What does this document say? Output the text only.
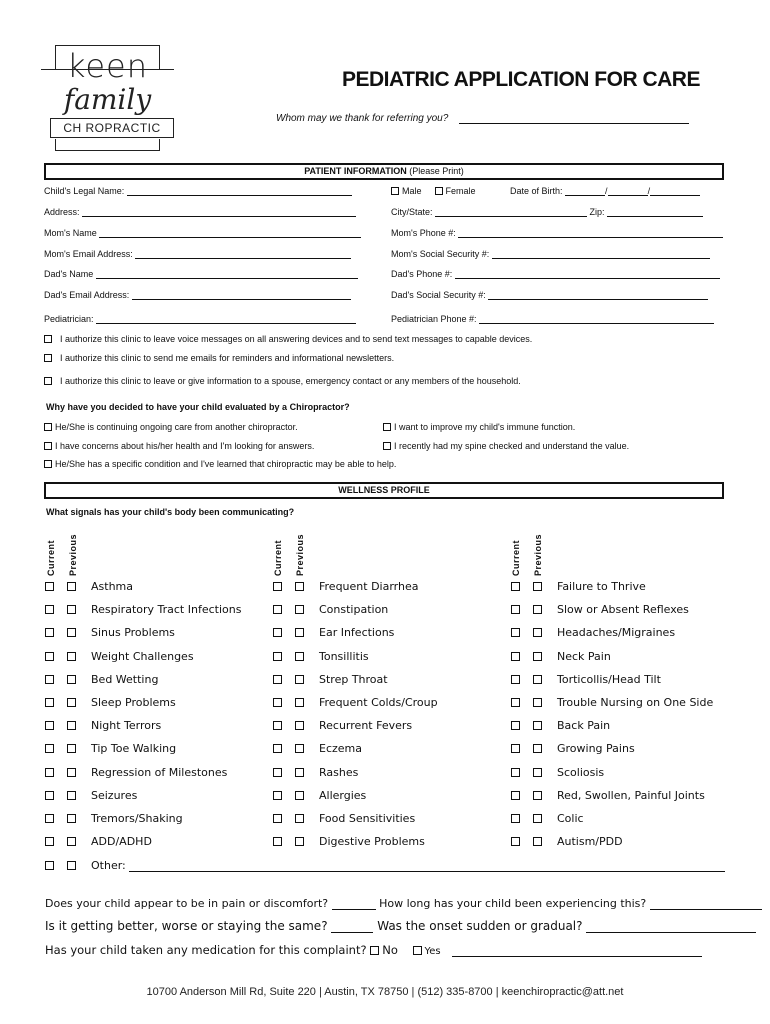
keen
family
CH ROPRACTIC
PEDIATRIC APPLICATION FOR CARE
Whom may we thank for referring you?
PATIENT INFORMATION (Please Print)
Child's Legal Name:	Male	Female	Date of Birth:	/	/
Address:	City/State:	Zip:
Mom's Name	Mom's Phone #:
Mom's Email Address:	Mom's Social Security #:
Dad's Name	Dad's Phone #:
Dad's Email Address:	Dad's Social Security #:
Pediatrician:	Pediatrician Phone #:
I authorize this clinic to leave voice messages on all answering devices and to send text messages to capable devices.
I authorize this clinic to send me emails for reminders and informational newsletters.
I authorize this clinic to leave or give information to a spouse, emergency contact or any members of the household.
Why have you decided to have your child evaluated by a Chiropractor?
He/She is continuing ongoing care from another chiropractor.	I want to improve my child's immune function.
I have concerns about his/her health and I'm looking for answers.	I recently had my spine checked and understand the value.
He/She has a specific condition and I've learned that chiropractic may be able to help.
WELLNESS PROFILE
What signals has your child's body been communicating?
Current Previous	Current Previous	Current Previous
Asthma
Respiratory Tract Infections
Sinus Problems
Weight Challenges
Bed Wetting
Sleep Problems
Night Terrors
Tip Toe Walking
Regression of Milestones
Seizures
Tremors/Shaking
ADD/ADHD
Frequent Diarrhea
Constipation
Ear Infections
Tonsillitis
Strep Throat
Frequent Colds/Croup
Recurrent Fevers
Eczema
Rashes
Allergies
Food Sensitivities
Digestive Problems
Failure to Thrive
Slow or Absent Reflexes
Headaches/Migraines
Neck Pain
Torticollis/Head Tilt
Trouble Nursing on One Side
Back Pain
Growing Pains
Scoliosis
Red, Swollen, Painful Joints
Colic
Autism/PDD
Other:
Does your child appear to be in pain or discomfort?	How long has your child been experiencing this?
Is it getting better, worse or staying the same?	Was the onset sudden or gradual?
Has your child taken any medication for this complaint? No	Yes
10700 Anderson Mill Rd, Suite 220 | Austin, TX 78750 | (512) 335-8700 | keenchiropractic@att.net
